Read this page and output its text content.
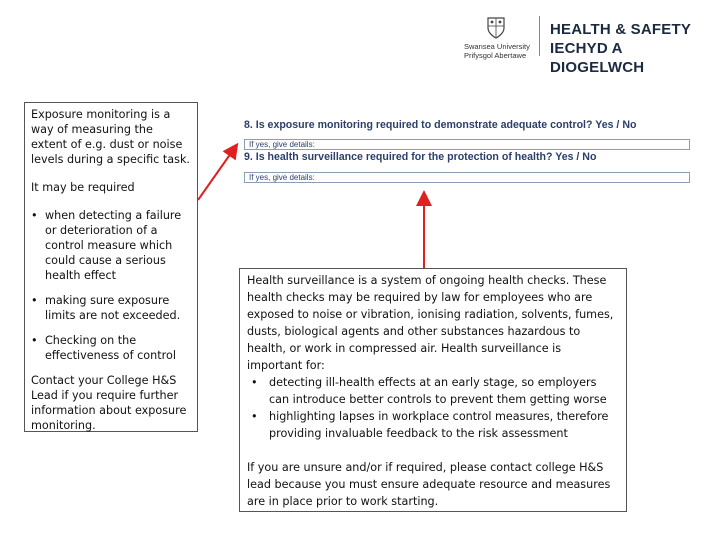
Swansea University
Prifysgol Abertawe
HEALTH & SAFETY
IECHYD A DIOGELWCH

Exposure monitoring is a way of measuring the extent of e.g. dust or noise levels during a specific task.

It may be required

• when detecting a failure or deterioration of a control measure which could cause a serious health effect
• making sure exposure limits are not exceeded.
• Checking on the effectiveness of control

Contact your College H&S Lead if you require further information about exposure monitoring.

8. Is exposure monitoring required to demonstrate adequate control? Yes / No
If yes, give details:
9. Is health surveillance required for the protection of health? Yes / No
If yes, give details:
Health surveillance is a system of ongoing health checks. These health checks may be required by law for employees who are exposed to noise or vibration, ionising radiation, solvents, fumes, dusts, biological agents and other substances hazardous to health, or work in compressed air. Health surveillance is important for:
• detecting ill-health effects at an early stage, so employers can introduce better controls to prevent them getting worse
• highlighting lapses in workplace control measures, therefore providing invaluable feedback to the risk assessment
If you are unsure and/or if required, please contact college H&S lead because you must ensure adequate resource and measures are in place prior to work starting.
